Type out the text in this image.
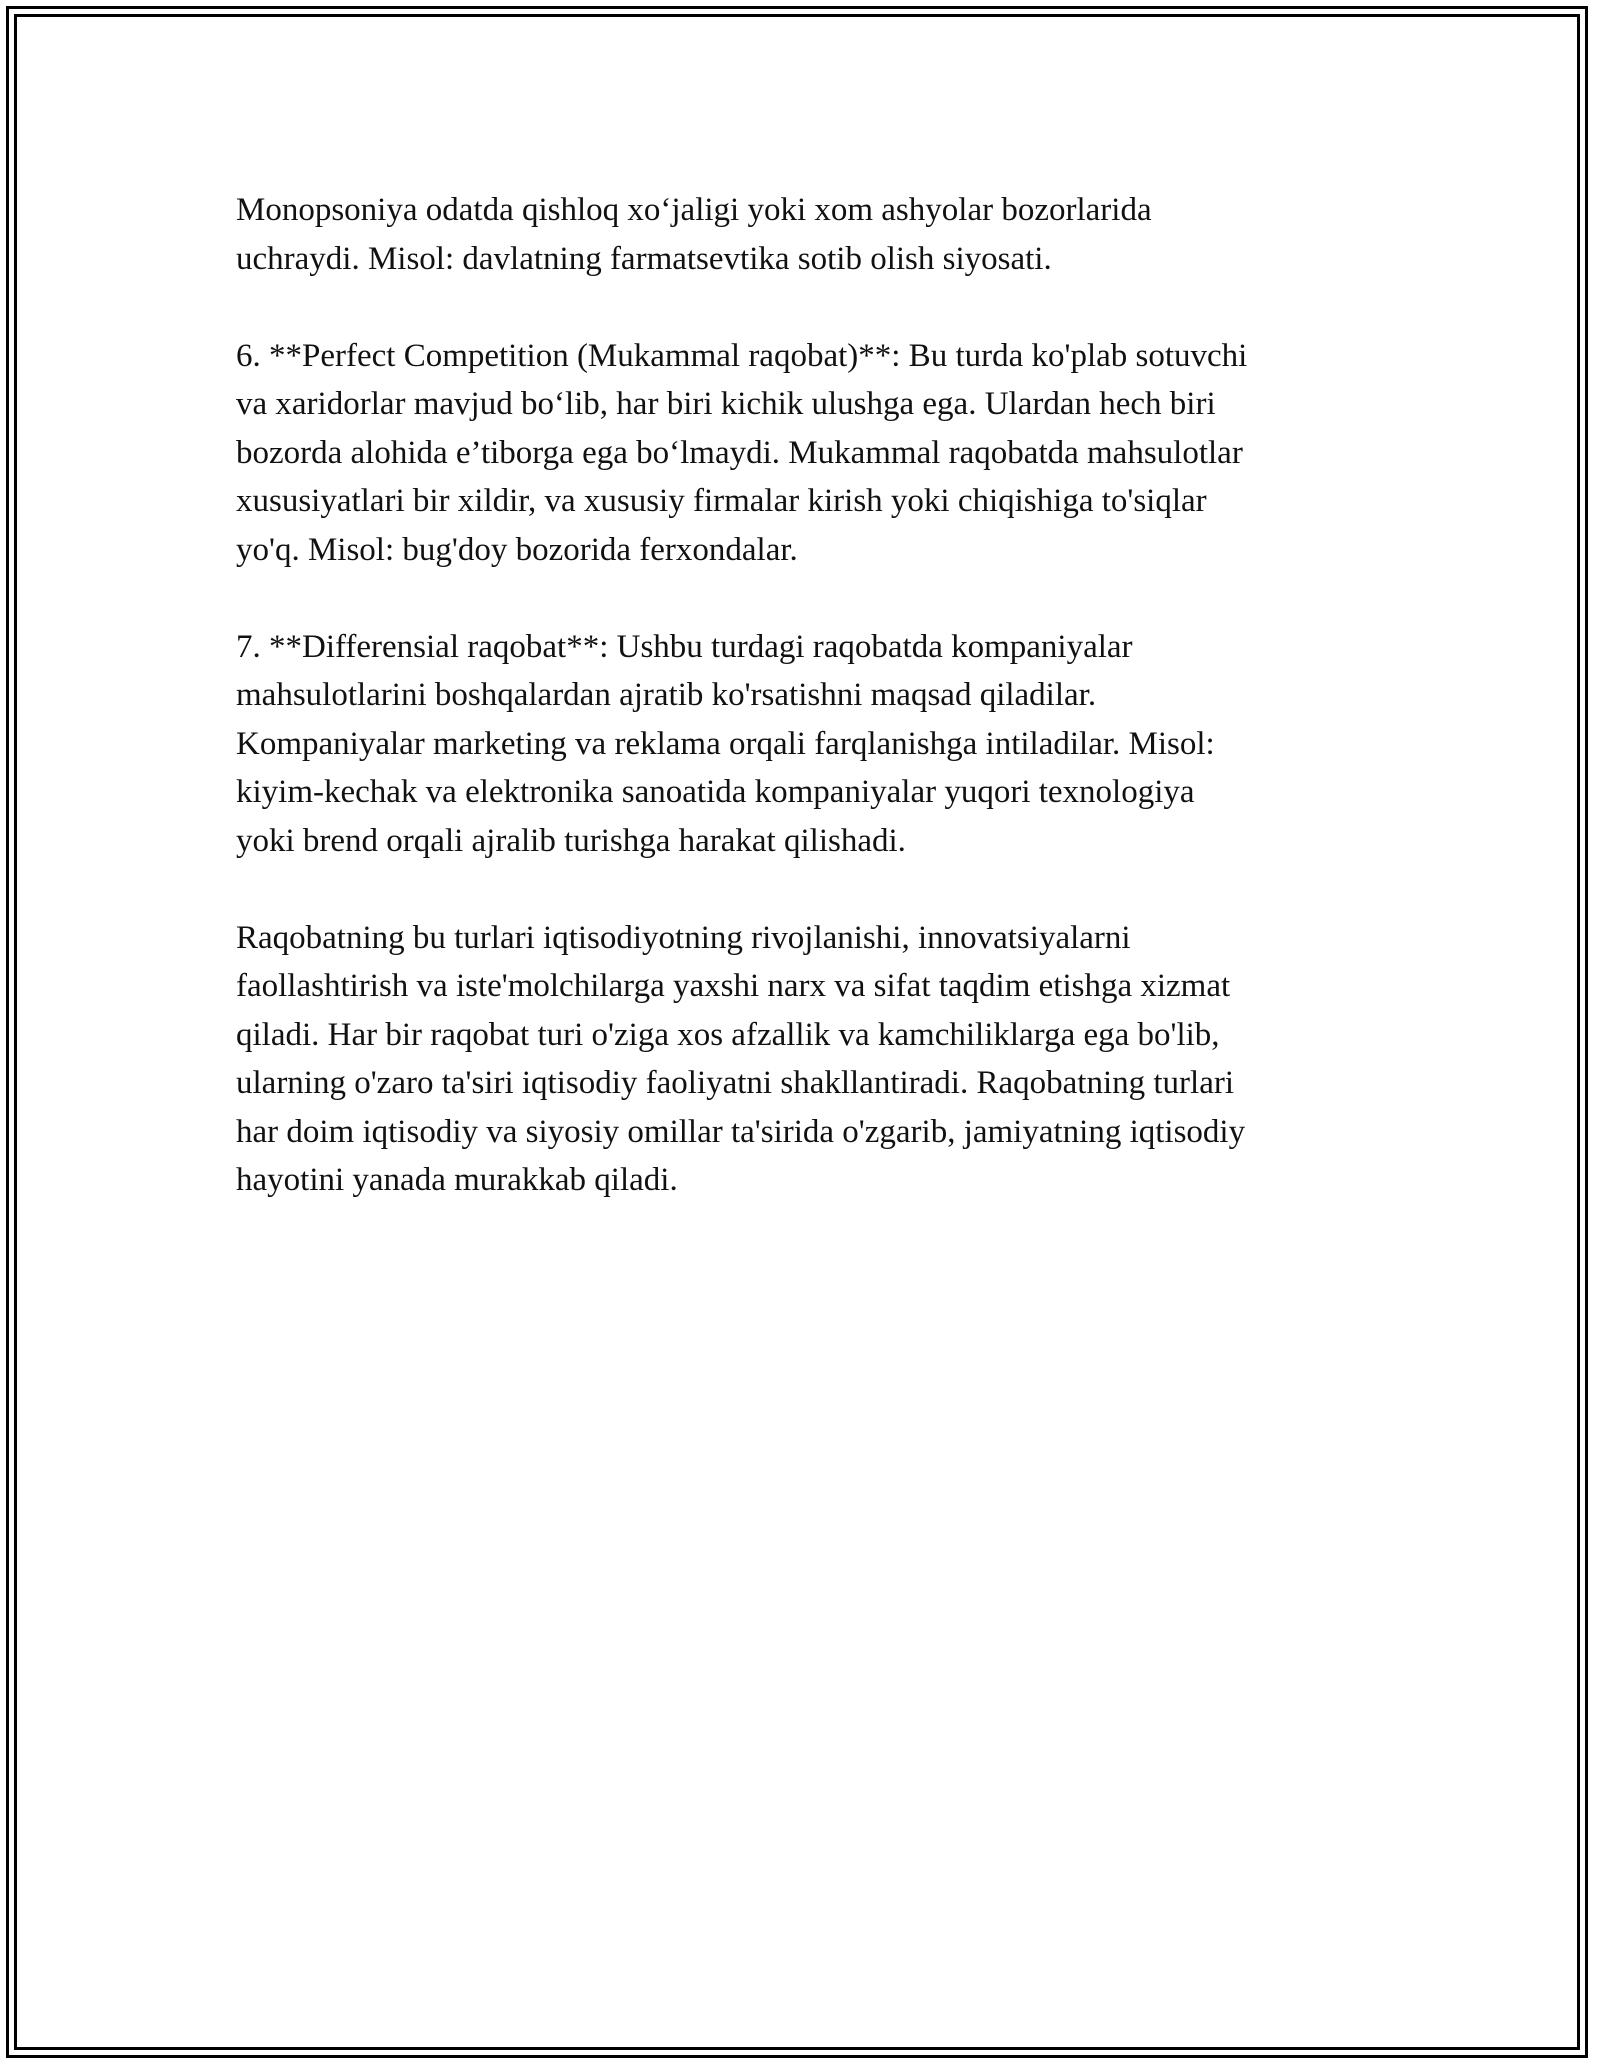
Monopsoniya odatda qishloq xo‘jaligi yoki xom ashyolar bozorlarida
uchraydi. Misol: davlatning farmatsevtika sotib olish siyosati.

6. **Perfect Competition (Mukammal raqobat)**: Bu turda ko'plab sotuvchi
va xaridorlar mavjud bo‘lib, har biri kichik ulushga ega. Ulardan hech biri
bozorda alohida e’tiborga ega bo‘lmaydi. Mukammal raqobatda mahsulotlar
xususiyatlari bir xildir, va xususiy firmalar kirish yoki chiqishiga to'siqlar
yo'q. Misol: bug'doy bozorida ferxondalar.

7. **Differensial raqobat**: Ushbu turdagi raqobatda kompaniyalar
mahsulotlarini boshqalardan ajratib ko'rsatishni maqsad qiladilar.
Kompaniyalar marketing va reklama orqali farqlanishga intiladilar. Misol:
kiyim-kechak va elektronika sanoatida kompaniyalar yuqori texnologiya
yoki brend orqali ajralib turishga harakat qilishadi.

Raqobatning bu turlari iqtisodiyotning rivojlanishi, innovatsiyalarni
faollashtirish va iste'molchilarga yaxshi narx va sifat taqdim etishga xizmat
qiladi. Har bir raqobat turi o'ziga xos afzallik va kamchiliklarga ega bo'lib,
ularning o'zaro ta'siri iqtisodiy faoliyatni shakllantiradi. Raqobatning turlari
har doim iqtisodiy va siyosiy omillar ta'sirida o'zgarib, jamiyatning iqtisodiy
hayotini yanada murakkab qiladi.
